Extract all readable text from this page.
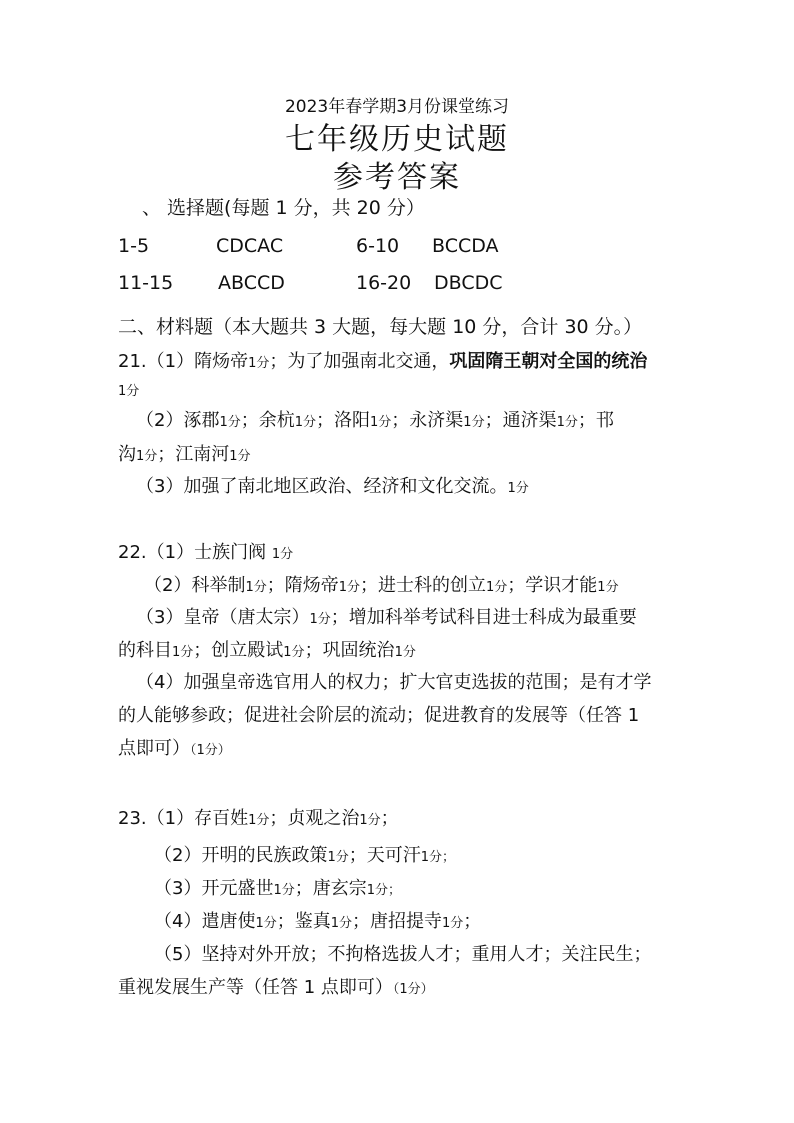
2023年春学期3月份课堂练习
七年级历史试题
参考答案
、 选择题(每题 1 分，共 20 分）
1-5	CDCAC	6-10 BCCDA
11-15 ABCCD	16-20 DBCDC
二、材料题（本大题共 3 大题，每大题 10 分，合计 30 分。）
21.（1）隋炀帝1分；为了加强南北交通，巩固隋王朝对全国的统治
1分
（2）涿郡1分；余杭1分；洛阳1分；永济渠1分；通济渠1分；邗
沟1分；江南河1分
（3）加强了南北地区政治、经济和文化交流。1分
22.（1）士族门阀 1分
（2）科举制1分；隋炀帝1分；进士科的创立1分；学识才能1分
（3）皇帝（唐太宗）1分；增加科举考试科目进士科成为最重要
的科目1分；创立殿试1分；巩固统治1分
（4）加强皇帝选官用人的权力；扩大官吏选拔的范围；是有才学
的人能够参政；促进社会阶层的流动；促进教育的发展等（任答 1
点即可）（1分）
23.（1）存百姓1分；贞观之治1分；
（2）开明的民族政策1分；天可汗1分；
（3）开元盛世1分；唐玄宗1分；
（4）遣唐使1分；鉴真1分；唐招提寺1分；
（5）坚持对外开放；不拘格选拔人才；重用人才；关注民生；
重视发展生产等（任答 1 点即可）（1分）
